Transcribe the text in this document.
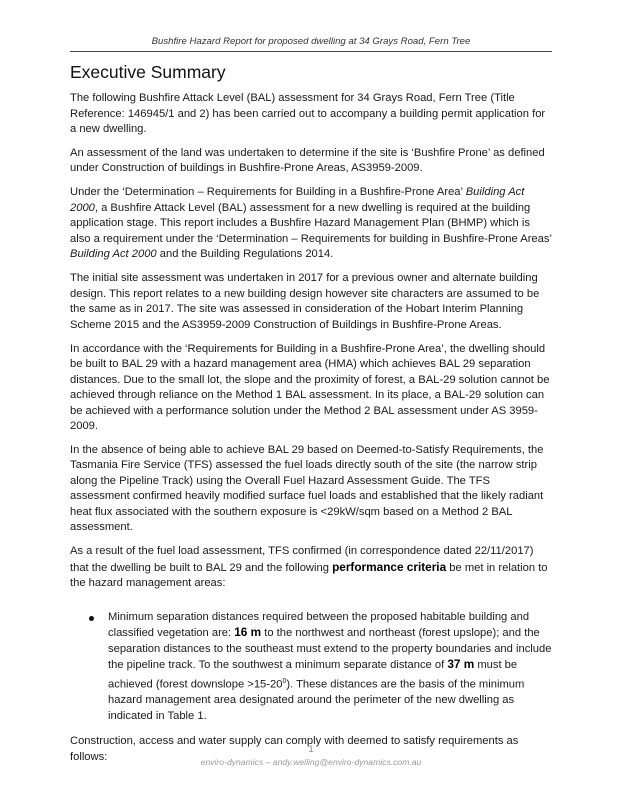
Bushfire Hazard Report for proposed dwelling at 34 Grays Road, Fern Tree
Executive Summary

The following Bushfire Attack Level (BAL) assessment for 34 Grays Road, Fern Tree (Title Reference: 146945/1 and 2) has been carried out to accompany a building permit application for a new dwelling.

An assessment of the land was undertaken to determine if the site is ‘Bushfire Prone’ as defined under Construction of buildings in Bushfire-Prone Areas, AS3959-2009.

Under the ‘Determination – Requirements for Building in a Bushfire-Prone Area’ Building Act 2000, a Bushfire Attack Level (BAL) assessment for a new dwelling is required at the building application stage. This report includes a Bushfire Hazard Management Plan (BHMP) which is also a requirement under the ‘Determination – Requirements for building in Bushfire-Prone Areas’ Building Act 2000 and the Building Regulations 2014.

The initial site assessment was undertaken in 2017 for a previous owner and alternate building design. This report relates to a new building design however site characters are assumed to be the same as in 2017. The site was assessed in consideration of the Hobart Interim Planning Scheme 2015 and the AS3959-2009 Construction of Buildings in Bushfire-Prone Areas.

In accordance with the ‘Requirements for Building in a Bushfire-Prone Area’, the dwelling should be built to BAL 29 with a hazard management area (HMA) which achieves BAL 29 separation distances. Due to the small lot, the slope and the proximity of forest, a BAL-29 solution cannot be achieved through reliance on the Method 1 BAL assessment. In its place, a BAL-29 solution can be achieved with a performance solution under the Method 2 BAL assessment under AS 3959-2009.

In the absence of being able to achieve BAL 29 based on Deemed-to-Satisfy Requirements, the Tasmania Fire Service (TFS) assessed the fuel loads directly south of the site (the narrow strip along the Pipeline Track) using the Overall Fuel Hazard Assessment Guide. The TFS assessment confirmed heavily modified surface fuel loads and established that the likely radiant heat flux associated with the southern exposure is <29kW/sqm based on a Method 2 BAL assessment.

As a result of the fuel load assessment, TFS confirmed (in correspondence dated 22/11/2017) that the dwelling be built to BAL 29 and the following performance criteria be met in relation to the hazard management areas:

Minimum separation distances required between the proposed habitable building and classified vegetation are: 16 m to the northwest and northeast (forest upslope); and the separation distances to the southeast must extend to the property boundaries and include the pipeline track. To the southwest a minimum separate distance of 37 m must be achieved (forest downslope $>15-20^0$). These distances are the basis of the minimum hazard management area designated around the perimeter of the new dwelling as indicated in Table 1.

Construction, access and water supply can comply with deemed to satisfy requirements as follows:

1
enviro-dynamics – andy.welling@enviro-dynamics.com.au
